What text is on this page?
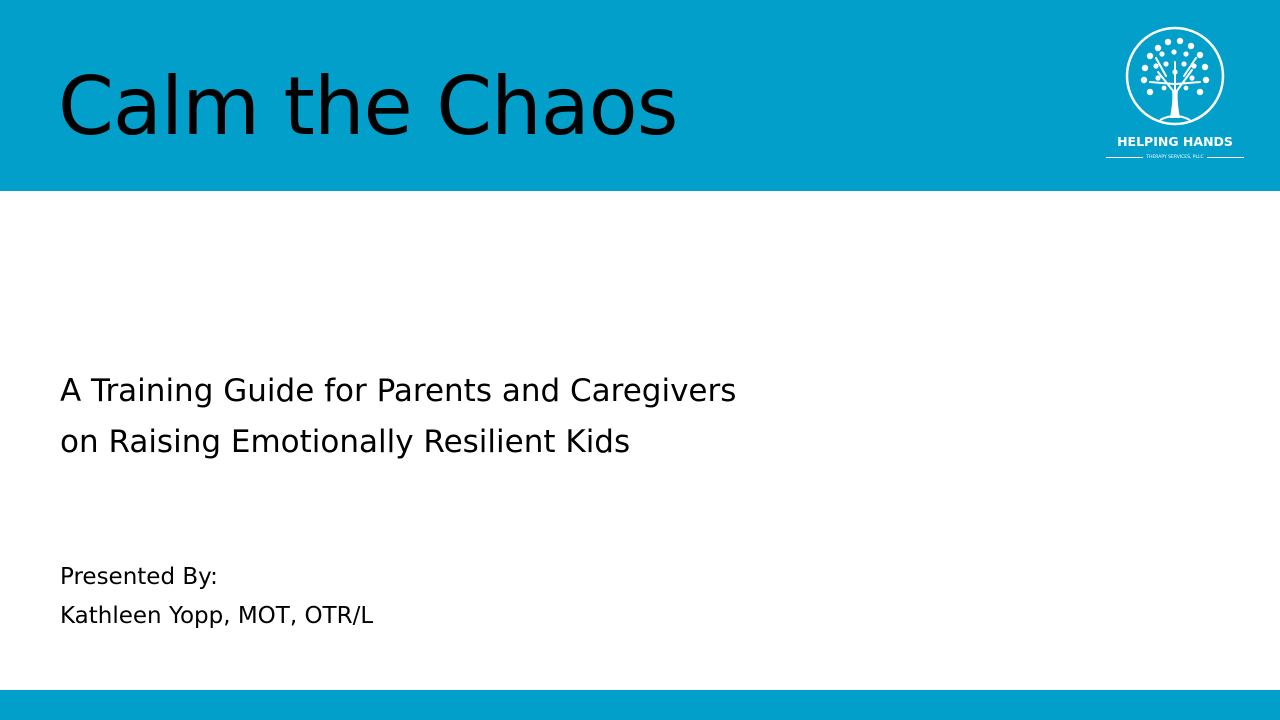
Calm the Chaos	HELPING HANDS
THERAPY SERVICES, PLLC

A Training Guide for Parents and Caregivers
on Raising Emotionally Resilient Kids

Presented By:
Kathleen Yopp, MOT, OTR/L
